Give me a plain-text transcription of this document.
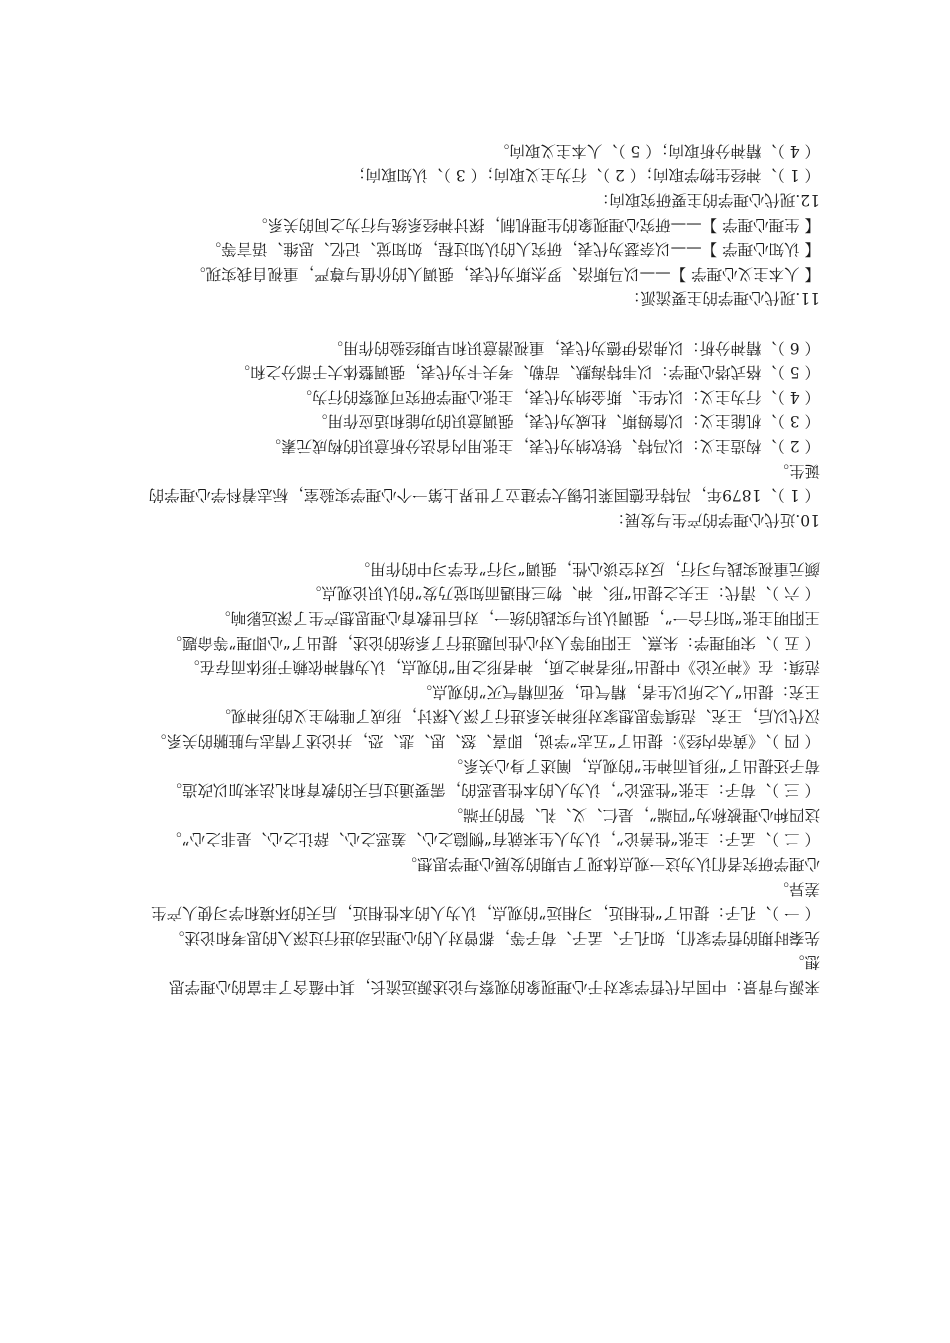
来源与背景：中国古代哲学家对于心理现象的观察与论述源远流长，其中蕴含了丰富的心理学思想。

先秦时期的哲学家们，如孔子、孟子、荀子等，都曾对人的心理活动进行过深入的思考和论述。

（ 一 ）、孔子：提出了“性相近，习相远”的观点，认为人的本性相近，后天的环境和学习使人产生差异。

心理学研究者们认为这一观点体现了早期的发展心理学思想。

（ 二 ）、孟子：主张“性善论”，认为人生来就有“恻隐之心、羞恶之心、辞让之心、是非之心”。

这四种心理被称为“四端”，是仁、义、礼、智的开端。

（ 三 ）、荀子：主张“性恶论”，认为人的本性是恶的，需要通过后天的教育和礼法来加以改造。

荀子还提出了“形具而神生”的观点，阐述了身心关系。

（ 四 ）、《黄帝内经》：提出了“五志”学说，即喜、怒、思、悲、恐，并论述了情志与脏腑的关系。

汉代以后，王充、范缜等思想家对形神关系进行了深入探讨，形成了唯物主义的形神观。

王充：提出“人之所以生者，精气也，死而精气灭”的观点。

范缜：在《神灭论》中提出“形者神之质，神者形之用”的观点，认为精神依赖于形体而存在。

（ 五 ）、宋明理学：朱熹、王阳明等人对心性问题进行了系统的论述，提出了“心即理”等命题。

王阳明主张“知行合一”，强调认识与实践的统一，对后世教育心理思想产生了深远影响。

（ 六 ）、清代：王夫之提出“形、神、物三相遇而知觉乃发”的认识论观点。

颜元重视实践与习行，反对空谈心性，强调“习行”在学习中的作用。

10.近代心理学的产生与发展：

（ 1 ）、1879年，冯特在德国莱比锡大学建立了世界上第一个心理学实验室，标志着科学心理学的诞生。

（ 2 ）、构造主义：以冯特、铁钦纳为代表，主张用内省法分析意识的构成元素。

（ 3 ）、机能主义：以詹姆斯、杜威为代表，强调意识的功能和适应作用。

（ 4 ）、行为主义：以华生、斯金纳为代表，主张心理学研究可观察的行为。

（ 5 ）、格式塔心理学：以韦特海默、苛勒、考夫卡为代表，强调整体大于部分之和。

（ 6 ）、精神分析：以弗洛伊德为代表，重视潜意识和早期经验的作用。

11.现代心理学的主要流派：

【 人本主义心理学 】——以马斯洛、罗杰斯为代表，强调人的价值与尊严，重视自我实现。

【 认知心理学 】——以奈瑟为代表，研究人的认知过程，如知觉、记忆、思维、语言等。

【 生理心理学 】——研究心理现象的生理机制，探讨神经系统与行为之间的关系。

12.现代心理学的主要研究取向：

（ 1 ）、神经生物学取向；（ 2 ）、行为主义取向；（ 3 ）、认知取向；

（ 4 ）、精神分析取向；（ 5 ）、人本主义取向。
